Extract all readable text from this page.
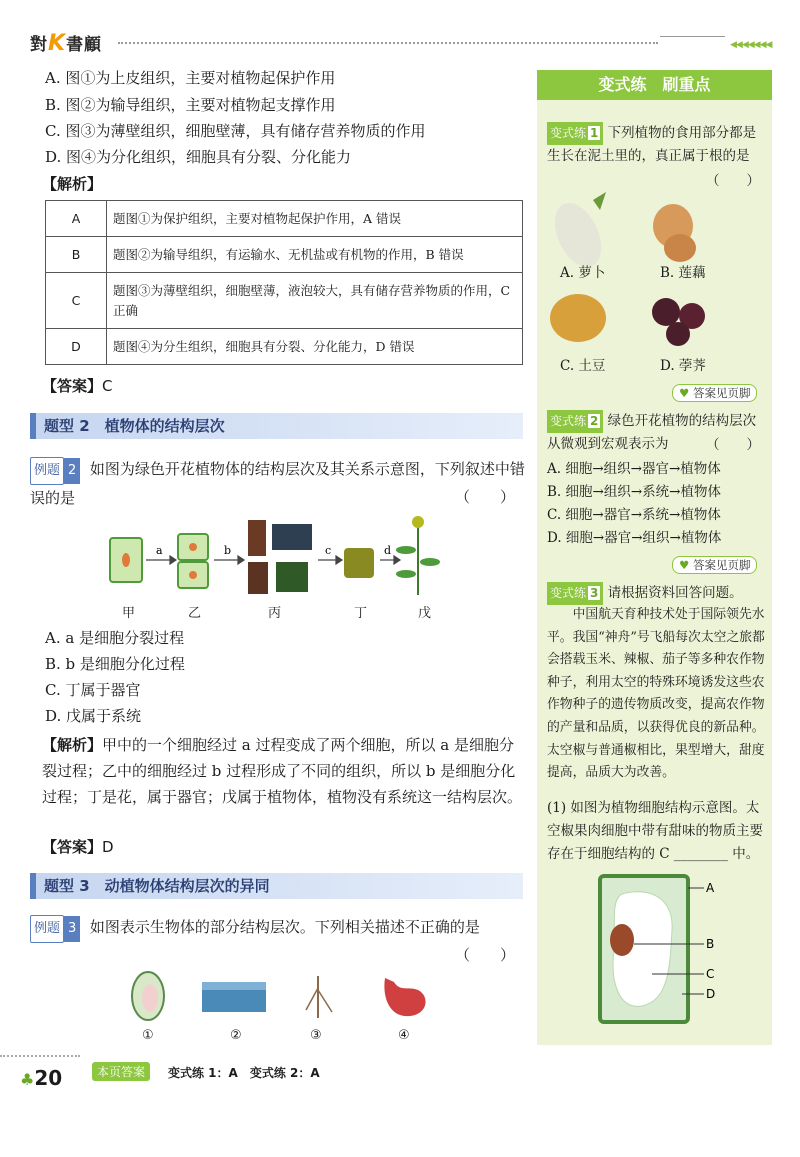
對K書顧	◀◀◀◀◀◀◀
A. 图①为上皮组织，主要对植物起保护作用
B. 图②为输导组织，主要对植物起支撑作用
C. 图③为薄壁组织，细胞壁薄，具有储存营养物质的作用
D. 图④为分化组织，细胞具有分裂、分化能力
【解析】
A	题图①为保护组织，主要对植物起保护作用，A 错误
B	题图②为输导组织，有运输水、无机盐或有机物的作用，B 错误
C	题图③为薄壁组织，细胞壁薄，液泡较大，具有储存营养物质的作用，C 正确
D	题图④为分生组织，细胞具有分裂、分化能力，D 错误
【答案】C
题型 2　植物体的结构层次
例题 2 如图为绿色开花植物体的结构层次及其关系示意图，下列叙述中错误的是	（　　）
a	b	c	d
甲	乙	丙	丁	戊
A. a 是细胞分裂过程
B. b 是细胞分化过程
C. 丁属于器官
D. 戊属于系统
【解析】甲中的一个细胞经过 a 过程变成了两个细胞，所以 a 是细胞分裂过程；乙中的细胞经过 b 过程形成了不同的组织，所以 b 是细胞分化过程；丁是花，属于器官；戊属于植物体，植物没有系统这一结构层次。
【答案】D
题型 3　动植物体结构层次的异同
例题 3 如图表示生物体的部分结构层次。下列相关描述不正确的是
（　　）
①	②	③	④
变式练　刷重点
变式练 1 下列植物的食用部分都是生长在泥土里的，真正属于根的是
（　　）
A. 萝卜	B. 莲藕
C. 土豆	D. 荸荠
♥ 答案见页脚
变式练 2 绿色开花植物的结构层次从微观到宏观表示为	（　　）
A. 细胞→组织→器官→植物体
B. 细胞→组织→系统→植物体
C. 细胞→器官→系统→植物体
D. 细胞→器官→组织→植物体
♥ 答案见页脚
变式练 3 请根据资料回答问题。
中国航天育种技术处于国际领先水平。我国“神舟”号飞船每次太空之旅都会搭载玉米、辣椒、茄子等多种农作物种子，利用太空的特殊环境诱发这些农作物种子的遗传物质改变，提高农作物的产量和品质，以获得优良的新品种。太空椒与普通椒相比，果型增大，甜度提高，品质大为改善。
(1) 如图为植物细胞结构示意图。太空椒果肉细胞中带有甜味的物质主要存在于细胞结构的 C ________ 中。
A
B
C
D
♣20	本页答案	变式练 1：A　变式练 2：A
